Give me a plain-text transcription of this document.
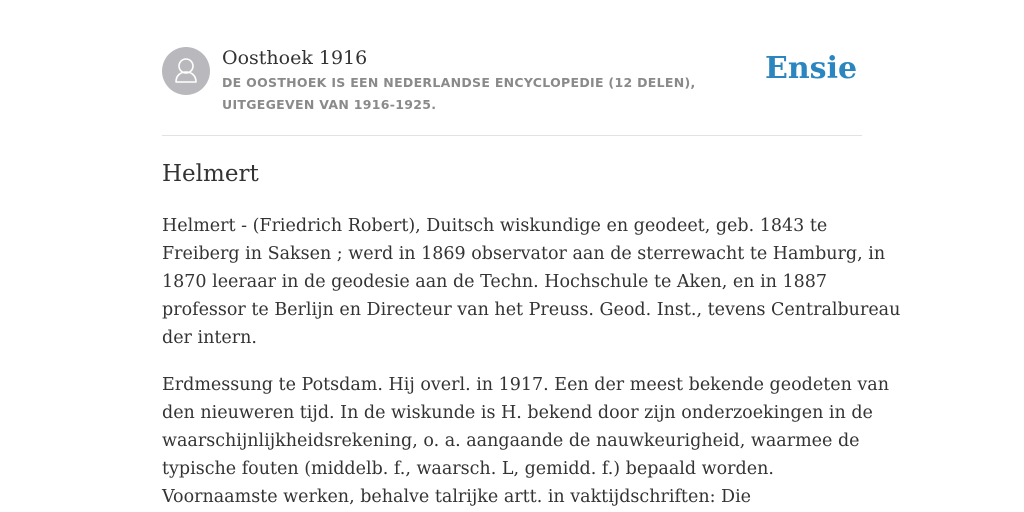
Oosthoek 1916

DE OOSTHOEK IS EEN NEDERLANDSE ENCYCLOPEDIE (12 DELEN), UITGEGEVEN VAN 1916-1925.

Ensie
Helmert

Helmert - (Friedrich Robert), Duitsch wiskundige en geodeet, geb. 1843 te
Freiberg in Saksen ; werd in 1869 observator aan de sterrewacht te Hamburg, in
1870 leeraar in de geodesie aan de Techn. Hochschule te Aken, en in 1887
professor te Berlijn en Directeur van het Preuss. Geod. Inst., tevens Centralbureau
der intern.

Erdmessung te Potsdam. Hij overl. in 1917. Een der meest bekende geodeten van
den nieuweren tijd. In de wiskunde is H. bekend door zijn onderzoekingen in de
waarschijnlijkheidsrekening, o. a. aangaande de nauwkeurigheid, waarmee de
typische fouten (middelb. f., waarsch. L, gemidd. f.) bepaald worden.
Voornaamste werken, behalve talrijke artt. in vaktijdschriften: Die
